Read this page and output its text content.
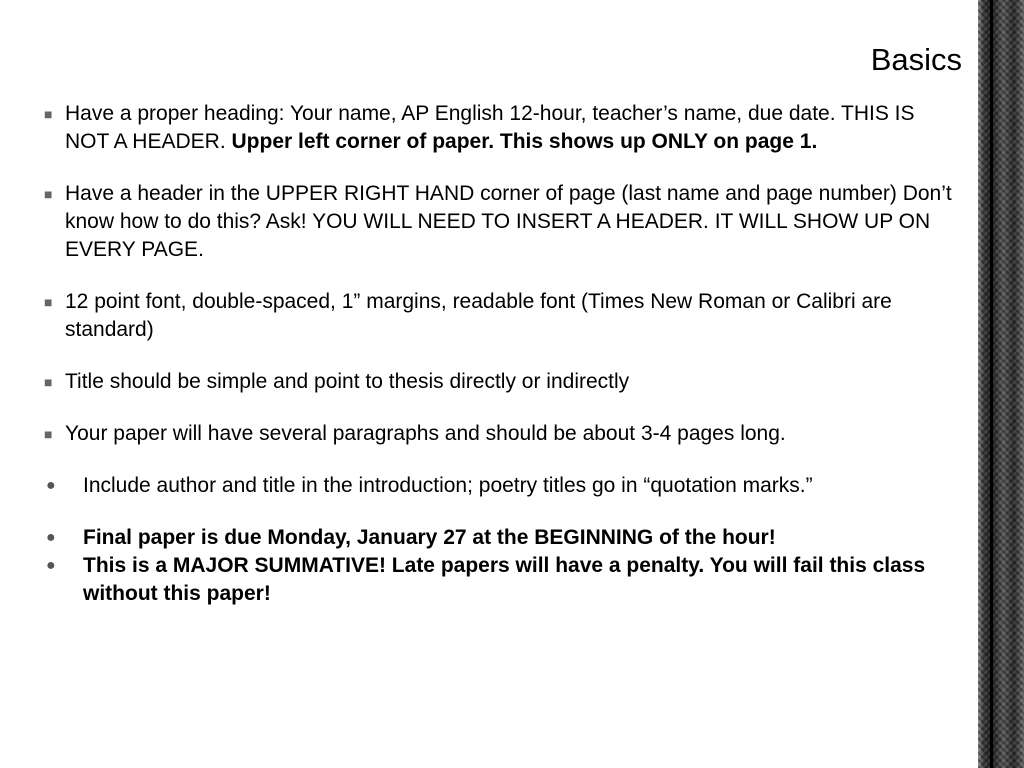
Basics
■ Have a proper heading: Your name, AP English 12-hour, teacher’s name, due date. THIS IS NOT A HEADER. Upper left corner of paper. This shows up ONLY on page 1.
■ Have a header in the UPPER RIGHT HAND corner of page (last name and page number) Don’t know how to do this? Ask! YOU WILL NEED TO INSERT A HEADER. IT WILL SHOW UP ON EVERY PAGE.
■ 12 point font, double-spaced, 1” margins, readable font (Times New Roman or Calibri are standard)
■ Title should be simple and point to thesis directly or indirectly
■ Your paper will have several paragraphs and should be about 3-4 pages long.
● Include author and title in the introduction; poetry titles go in “quotation marks.”
● Final paper is due Monday, January 27 at the BEGINNING of the hour!
● This is a MAJOR SUMMATIVE! Late papers will have a penalty. You will fail this class without this paper!
